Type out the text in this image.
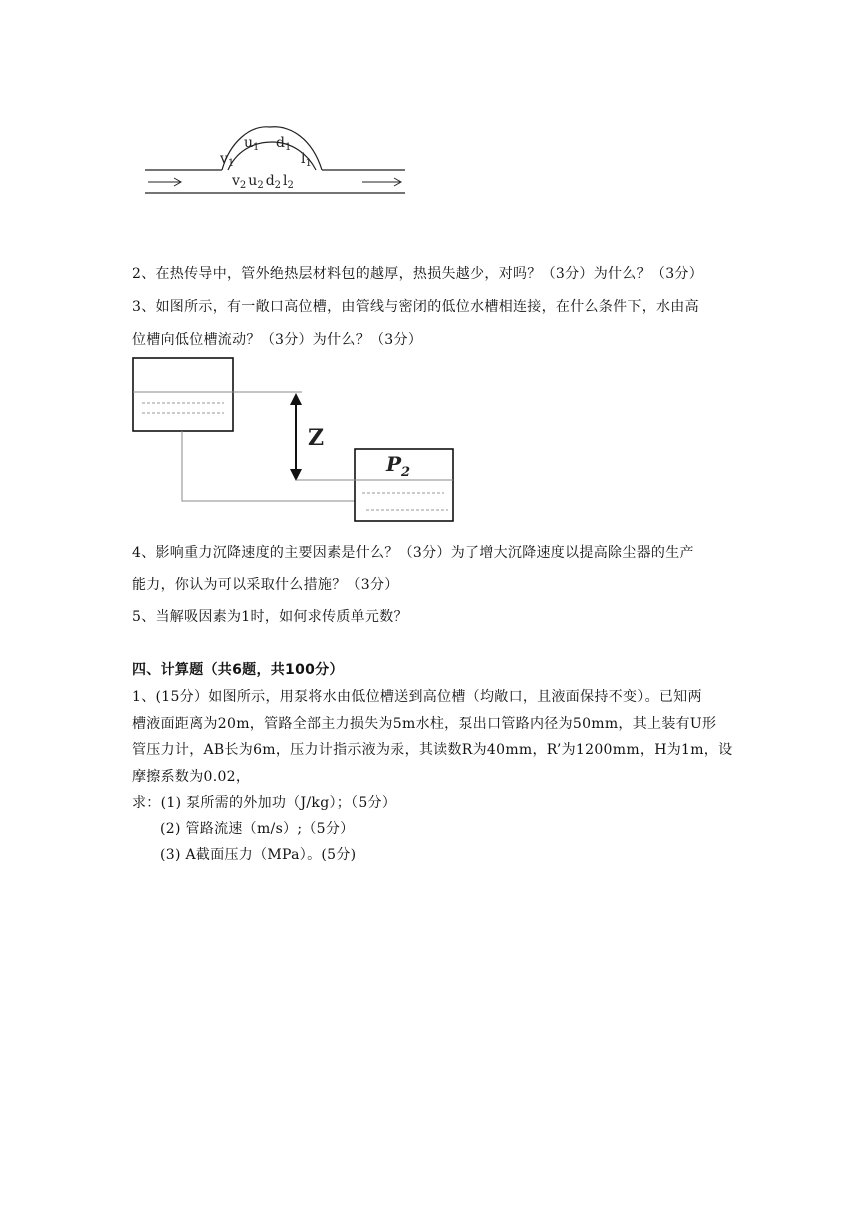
$u_1$ $d_1$
$v_1$	$l_1$
$v_2$ $u_2$ $d_2$ $l_2$
2、在热传导中，管外绝热层材料包的越厚，热损失越少，对吗？（3分）为什么？（3分）
3、如图所示，有一敞口高位槽，由管线与密闭的低位水槽相连接，在什么条件下，水由高
位槽向低位槽流动？（3分）为什么？（3分）
Z
$P_2$
4、影响重力沉降速度的主要因素是什么？（3分）为了增大沉降速度以提高除尘器的生产
能力，你认为可以采取什么措施？（3分）
5、当解吸因素为1时，如何求传质单元数？
四、计算题（共6题，共100分）
1、(15分）如图所示，用泵将水由低位槽送到高位槽（均敞口，且液面保持不变）。已知两
槽液面距离为20m，管路全部主力损失为5m水柱，泵出口管路内径为50mm，其上装有U形
管压力计，AB长为6m，压力计指示液为汞，其读数R为40mm，R’为1200mm，H为1m，设
摩擦系数为0.02，
求：(1) 泵所需的外加功（J/kg）；（5分）
(2) 管路流速（m/s）;（5分）
(3) A截面压力（MPa）。(5分)
